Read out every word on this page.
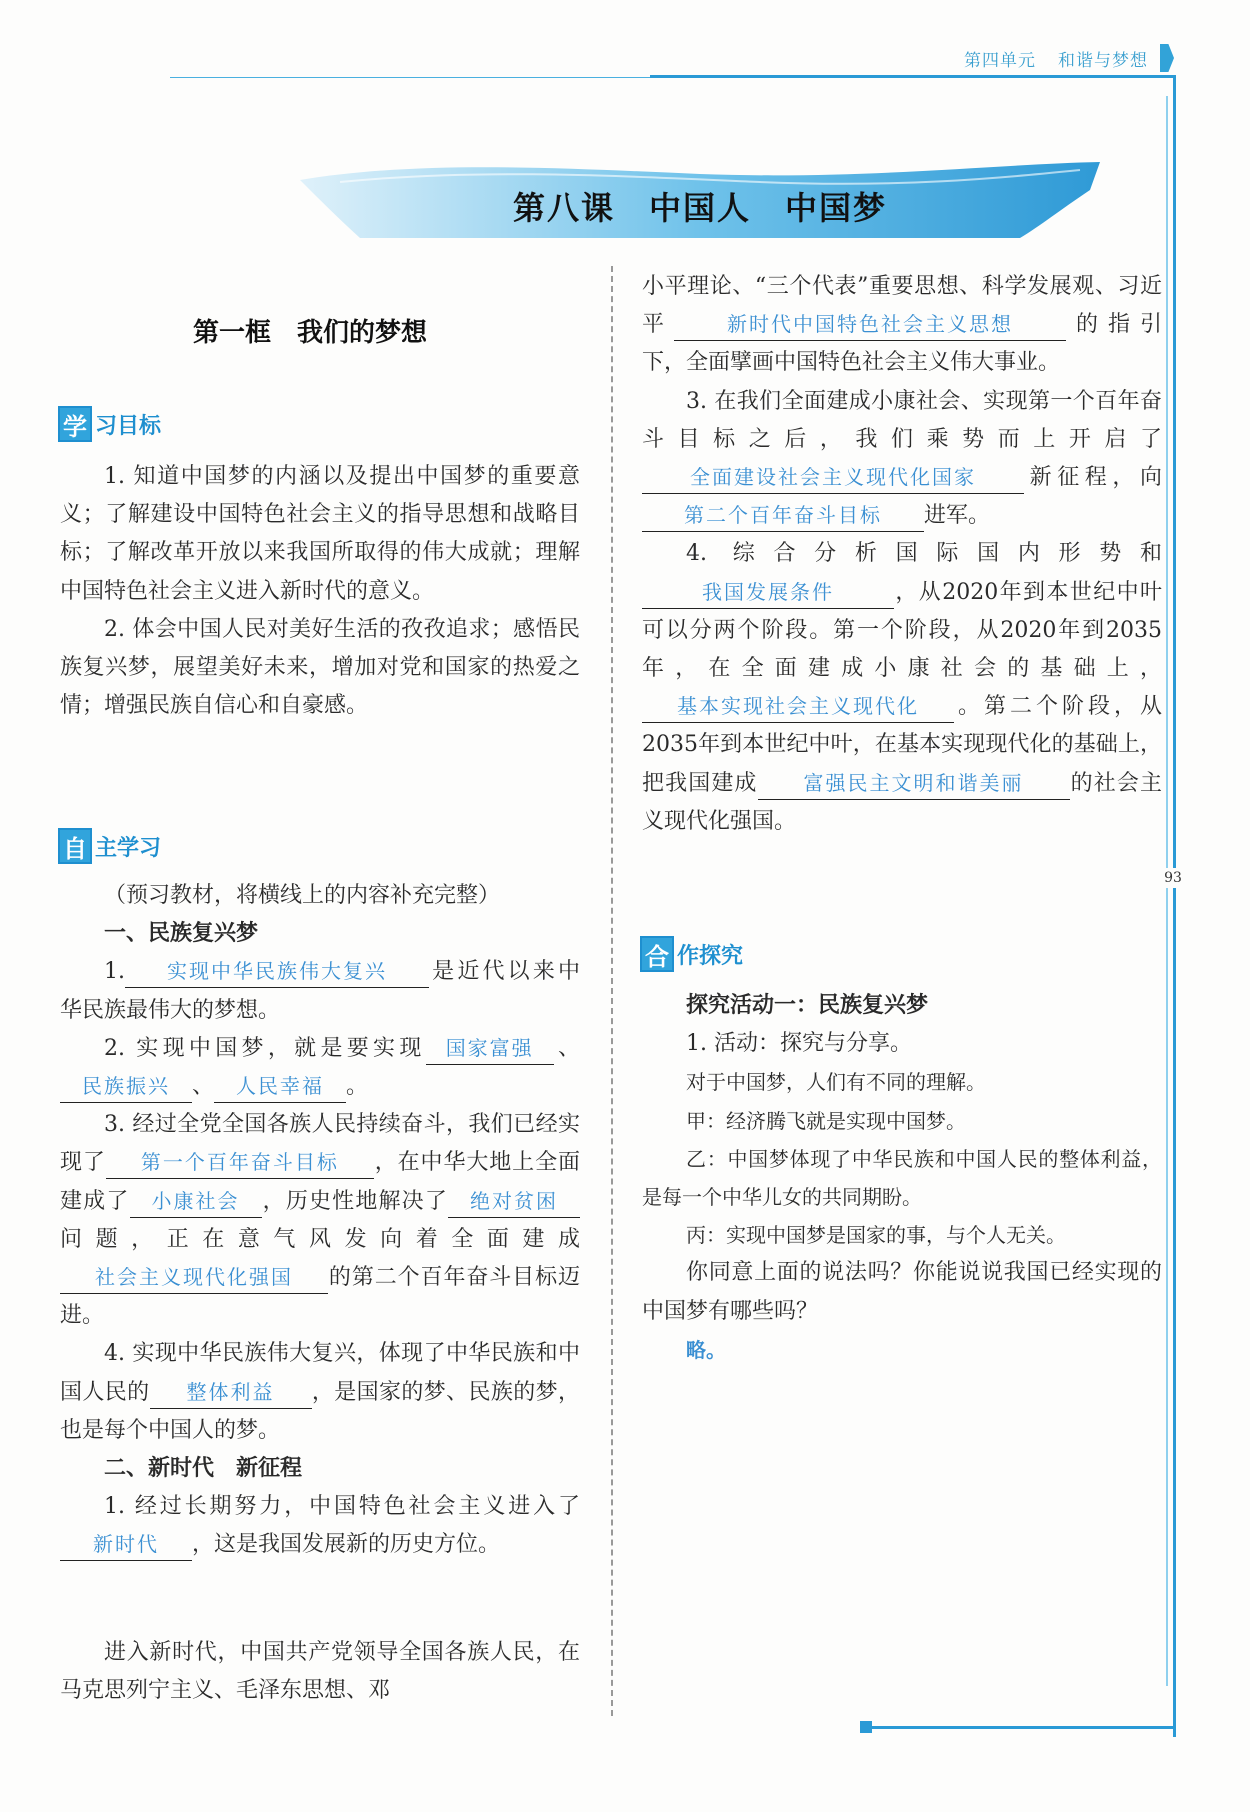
第四单元 和谐与梦想
93
第八课　中国人　中国梦
第一框　我们的梦想
学 习目标

1. 知道中国梦的内涵以及提出中国梦的重要意义；了解建设中国特色社会主义的指导思想和战略目标；了解改革开放以来我国所取得的伟大成就；理解中国特色社会主义进入新时代的意义。

2. 体会中国人民对美好生活的孜孜追求；感悟民族复兴梦，展望美好未来，增加对党和国家的热爱之情；增强民族自信心和自豪感。

自 主学习

（预习教材，将横线上的内容补充完整）

一、民族复兴梦

1. 实现中华民族伟大复兴 是近代以来中华民族最伟大的梦想。

2. 实现中国梦，就是要实现 国家富强 、民族振兴 、 人民幸福 。

3. 经过全党全国各族人民持续奋斗，我们已经实现了 第一个百年奋斗目标 ，在中华大地上全面建成了 小康社会 ，历史性地解决了 绝对贫困问题，正在意气风发向着全面建成社会主义现代化强国 的第二个百年奋斗目标迈进。

4. 实现中华民族伟大复兴，体现了中华民族和中国人民的 整体利益 ，是国家的梦、民族的梦，也是每个中国人的梦。

二、新时代　新征程

1. 经过长期努力，中国特色社会主义进入了新时代 ，这是我国发展新的历史方位。

进入新时代，中国共产党领导全国各族人民，在马克思列宁主义、毛泽东思想、邓

小平理论、“三个代表”重要思想、科学发展观、习近平	新时代中国特色社会主义思想 的指引下，全面擘画中国特色社会主义伟大事业。

3. 在我们全面建成小康社会、实现第一个百年奋斗目标之后，我们乘势而上开启了全面建设社会主义现代化国家 新征程，向第二个百年奋斗目标 进军。

4. 综合分析国际国内形势和我国发展条件	，从2020年到本世纪中叶可以分两个阶段。第一个阶段，从2020年到2035年，在全面建成小康社会的基础上，基本实现社会主义现代化 。第二个阶段，从2035年到本世纪中叶，在基本实现现代化的基础上，把我国建成 富强民主文明和谐美丽 的社会主义现代化强国。

合 作探究

探究活动一：民族复兴梦

1. 活动：探究与分享。

对于中国梦，人们有不同的理解。

甲：经济腾飞就是实现中国梦。

乙：中国梦体现了中华民族和中国人民的整体利益，是每一个中华儿女的共同期盼。

丙：实现中国梦是国家的事，与个人无关。

你同意上面的说法吗？你能说说我国已经实现的中国梦有哪些吗？

略。
